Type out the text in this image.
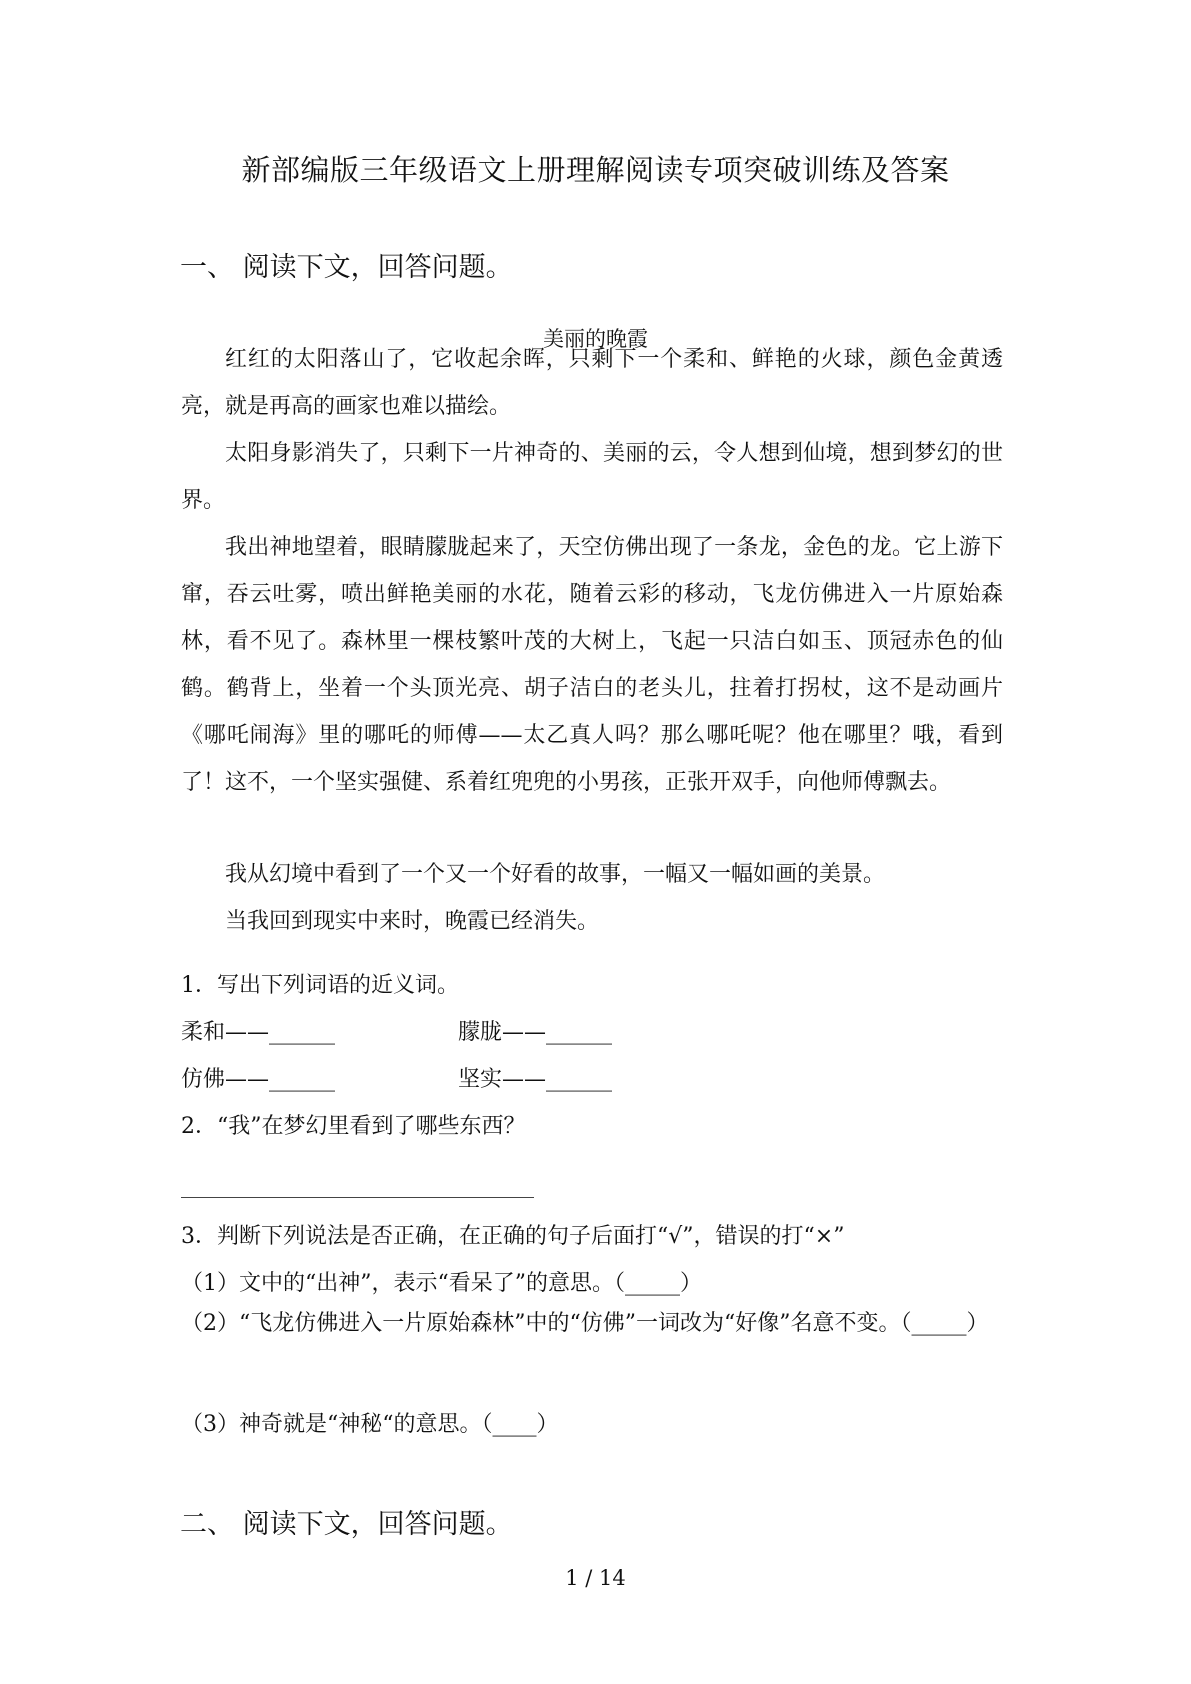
新部编版三年级语文上册理解阅读专项突破训练及答案
一、 阅读下文，回答问题。
美丽的晚霞
红红的太阳落山了，它收起余晖，只剩下一个柔和、鲜艳的火球，颜色金黄透亮，就是再高的画家也难以描绘。
太阳身影消失了，只剩下一片神奇的、美丽的云，令人想到仙境，想到梦幻的世界。
我出神地望着，眼睛朦胧起来了，天空仿佛出现了一条龙，金色的龙。它上游下窜，吞云吐雾，喷出鲜艳美丽的水花，随着云彩的移动，飞龙仿佛进入一片原始森林，看不见了。森林里一棵枝繁叶茂的大树上，飞起一只洁白如玉、顶冠赤色的仙鹤。鹤背上，坐着一个头顶光亮、胡子洁白的老头儿，拄着打拐杖，这不是动画片《哪吒闹海》里的哪吒的师傅——太乙真人吗？那么哪吒呢？他在哪里？哦，看到了！这不，一个坚实强健、系着红兜兜的小男孩，正张开双手，向他师傅飘去。
我从幻境中看到了一个又一个好看的故事，一幅又一幅如画的美景。
当我回到现实中来时，晚霞已经消失。
1．写出下列词语的近义词。
柔和——______	朦胧——______
仿佛——______	坚实——______
2．“我”在梦幻里看到了哪些东西？
3．判断下列说法是否正确，在正确的句子后面打“√”，错误的打“×”
（1）文中的“出神”，表示“看呆了”的意思。（_____）
（2）“飞龙仿佛进入一片原始森林”中的“仿佛”一词改为“好像”名意不变。（_____）
（3）神奇就是“神秘“的意思。（____）
二、 阅读下文，回答问题。
1 / 14
